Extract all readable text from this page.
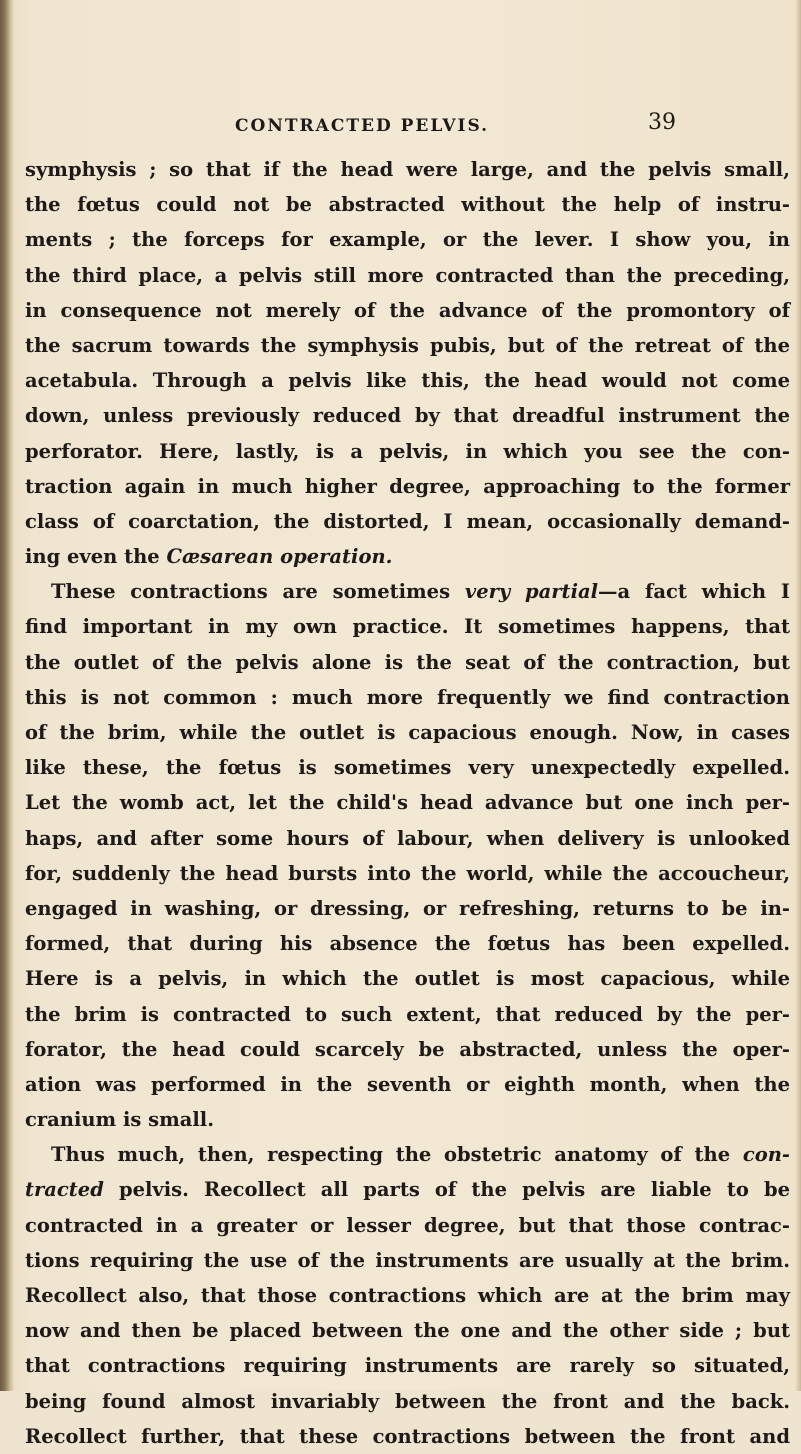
CONTRACTED PELVIS.	39
symphysis ; so that if the head were large, and the pelvis small,
the fœtus could not be abstracted without the help of instru-
ments ; the forceps for example, or the lever. I show you, in
the third place, a pelvis still more contracted than the preceding,
in consequence not merely of the advance of the promontory of
the sacrum towards the symphysis pubis, but of the retreat of the
acetabula. Through a pelvis like this, the head would not come
down, unless previously reduced by that dreadful instrument the
perforator. Here, lastly, is a pelvis, in which you see the con-
traction again in much higher degree, approaching to the former
class of coarctation, the distorted, I mean, occasionally demand-
ing even the Cæsarean operation.
These contractions are sometimes very partial—a fact which I
find important in my own practice. It sometimes happens, that
the outlet of the pelvis alone is the seat of the contraction, but
this is not common : much more frequently we find contraction
of the brim, while the outlet is capacious enough. Now, in cases
like these, the fœtus is sometimes very unexpectedly expelled.
Let the womb act, let the child's head advance but one inch per-
haps, and after some hours of labour, when delivery is unlooked
for, suddenly the head bursts into the world, while the accoucheur,
engaged in washing, or dressing, or refreshing, returns to be in-
formed, that during his absence the fœtus has been expelled.
Here is a pelvis, in which the outlet is most capacious, while
the brim is contracted to such extent, that reduced by the per-
forator, the head could scarcely be abstracted, unless the oper-
ation was performed in the seventh or eighth month, when the
cranium is small.
Thus much, then, respecting the obstetric anatomy of the con-
tracted pelvis. Recollect all parts of the pelvis are liable to be
contracted in a greater or lesser degree, but that those contrac-
tions requiring the use of the instruments are usually at the brim.
Recollect also, that those contractions which are at the brim may
now and then be placed between the one and the other side ; but
that contractions requiring instruments are rarely so situated,
being found almost invariably between the front and the back.
Recollect further, that these contractions between the front and
